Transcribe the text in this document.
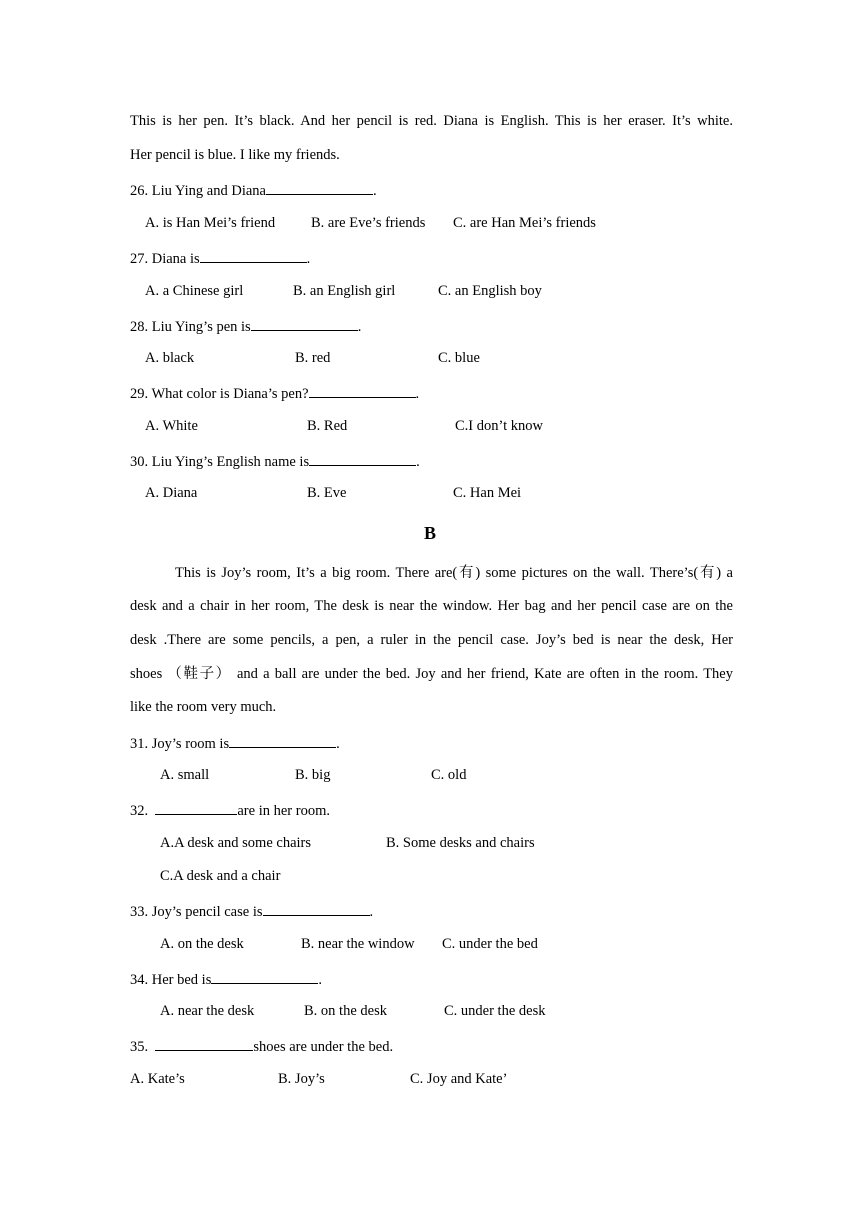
This is her pen. It’s black. And her pencil is red. Diana is English. This is her eraser. It’s white.
Her pencil is blue. I like my friends.
26. Liu Ying and Diana	.
A. is Han Mei’s friend B. are Eve’s friends C. are Han Mei’s friends
27. Diana is	.
A. a Chinese girl	B. an English girl	C. an English boy
28. Liu Ying’s pen is	.
A. black	B. red	C. blue
29. What color is Diana’s pen?	.
A. White	B. Red	C.I don’t know
30. Liu Ying’s English name is	.
A. Diana	B. Eve	C. Han Mei
B
This is Joy’s room, It’s a big room. There are(有) some pictures on the wall. There’s(有) a
desk and a chair in her room, The desk is near the window. Her bag and her pencil case are on the
desk .There are some pencils, a pen, a ruler in the pencil case. Joy’s bed is near the desk, Her
shoes （鞋子） and a ball are under the bed. Joy and her friend, Kate are often in the room. They
like the room very much.
31. Joy’s room is	.
A. small	B. big	C. old
32.	are in her room.
A.A desk and some chairs	B. Some desks and chairs
C.A desk and a chair
33. Joy’s pencil case is	.
A. on the desk	B. near the window C. under the bed
34. Her bed is	.
A. near the desk	B. on the desk	C. under the desk
35.	shoes are under the bed.
A. Kate’s	B. Joy’s	C. Joy and Kate’
